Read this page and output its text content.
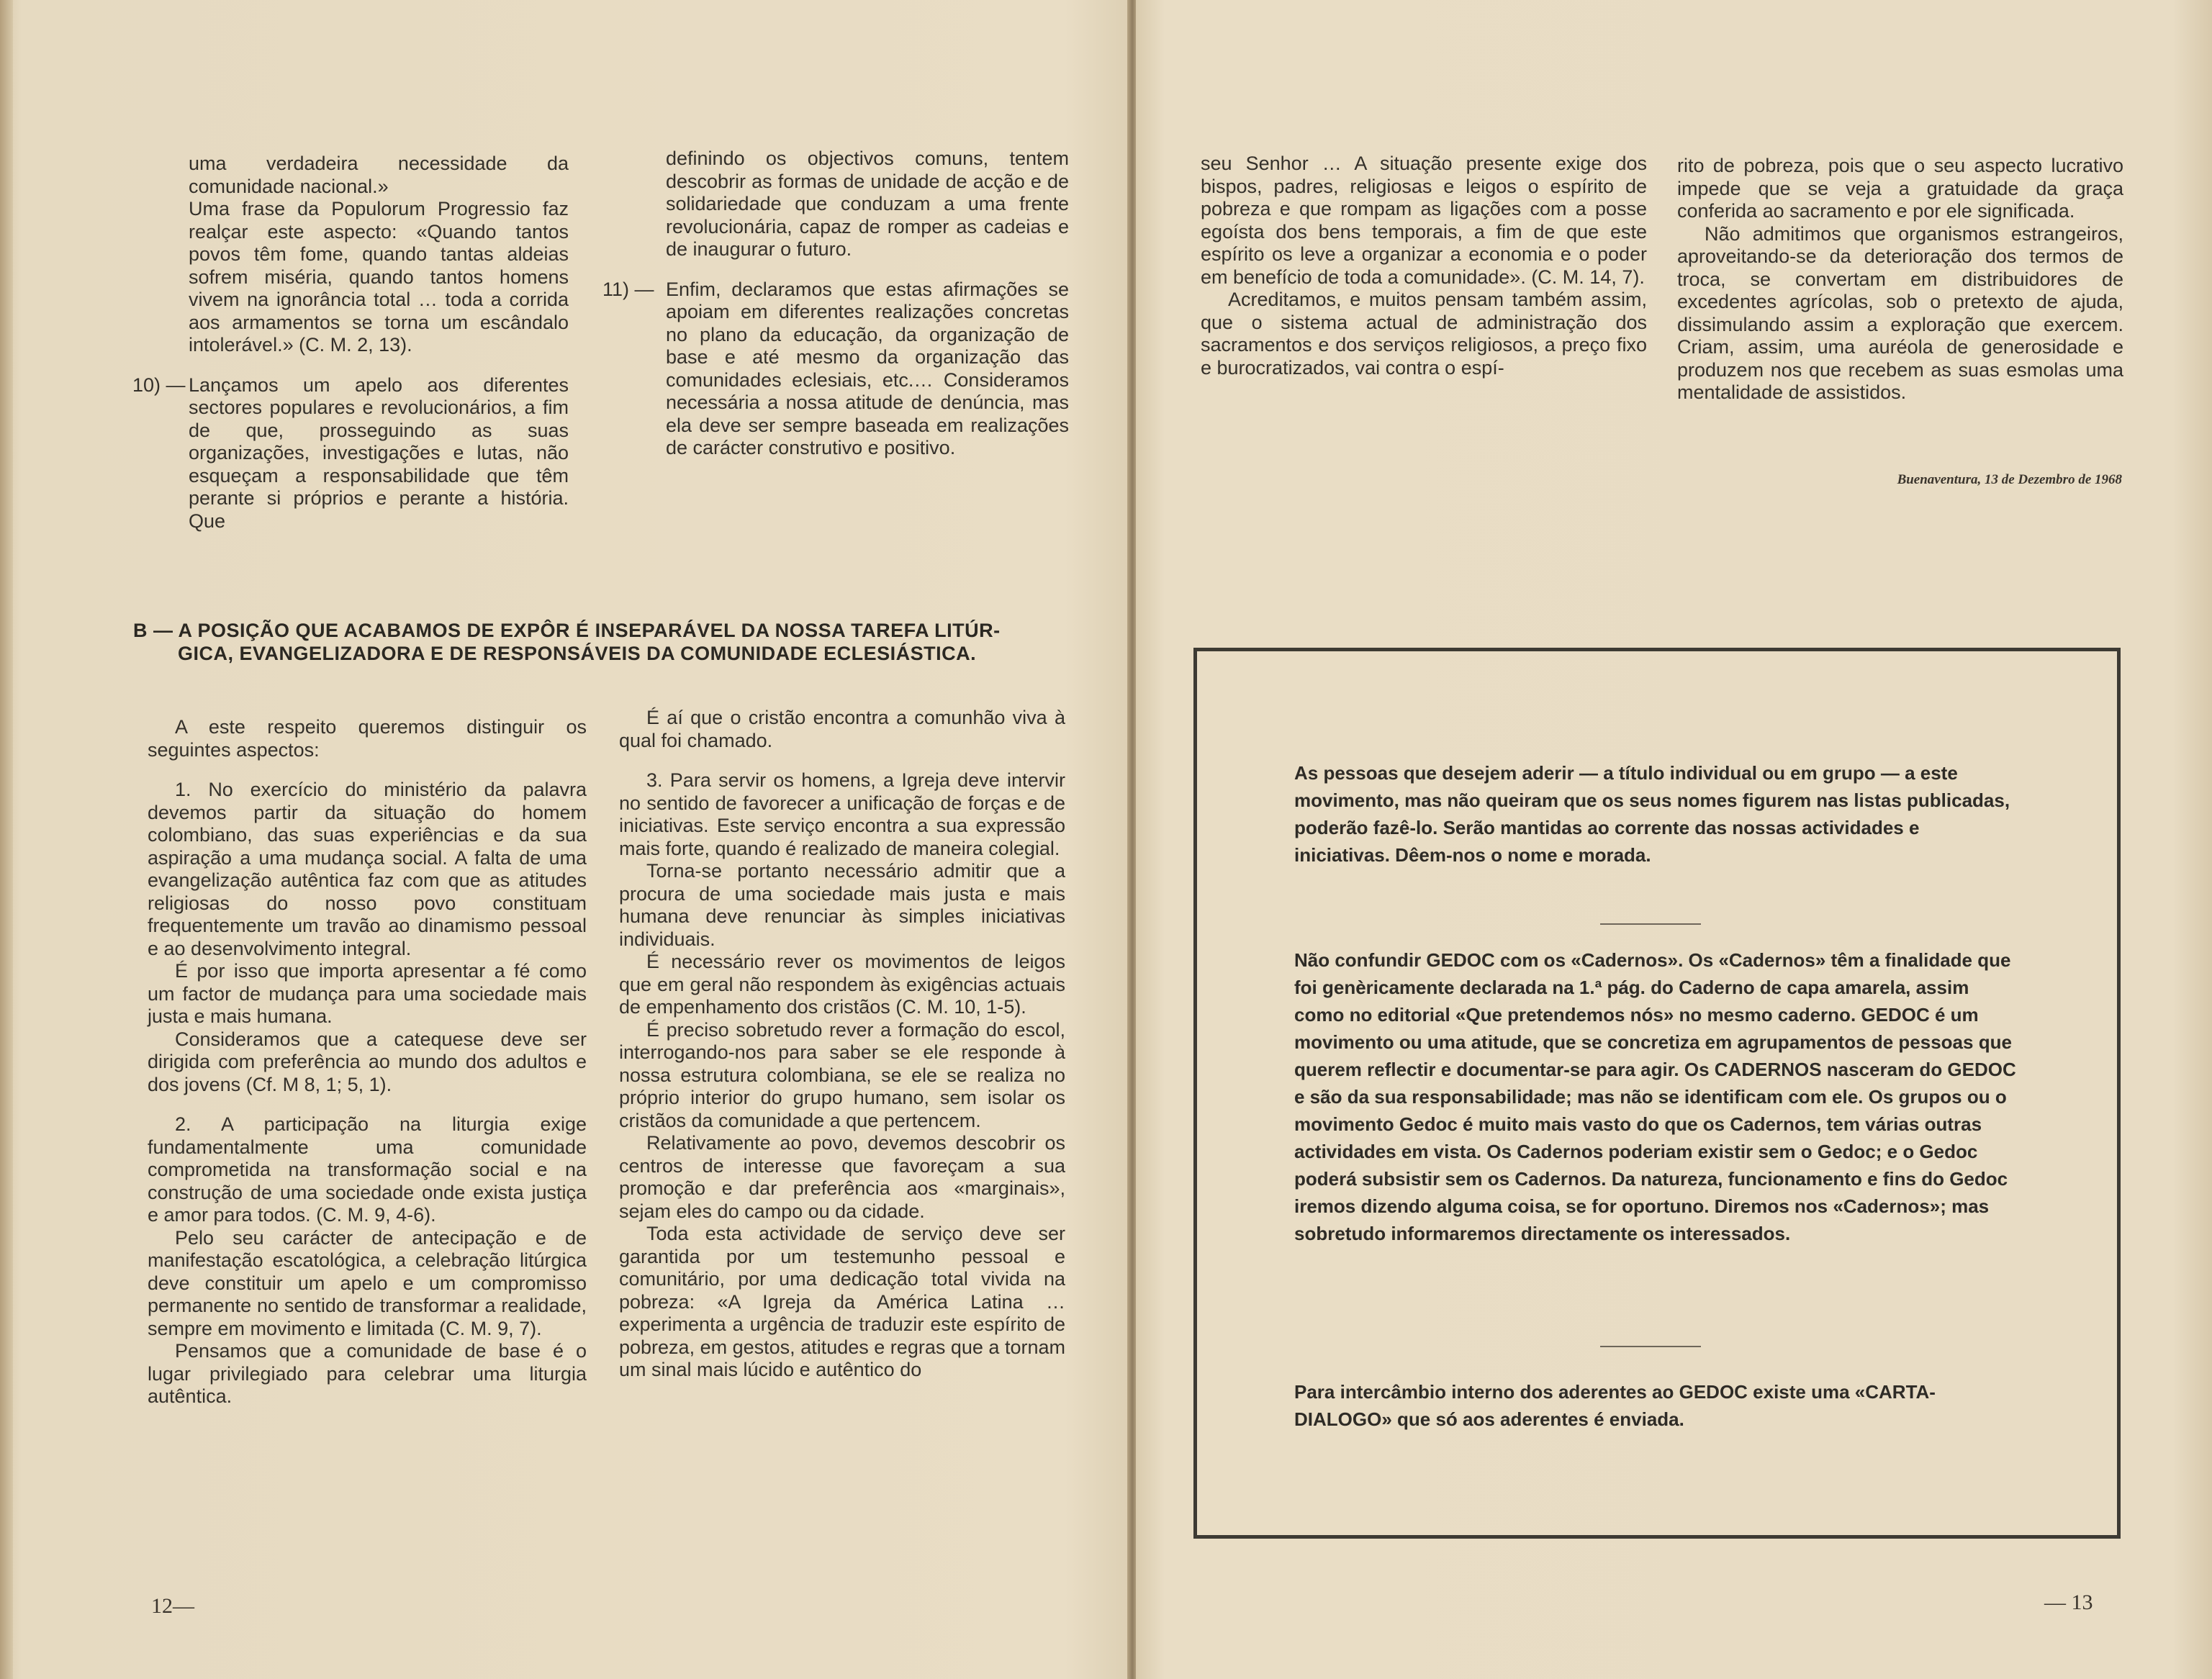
uma verdadeira necessidade da comunidade nacional.»

Uma frase da Populorum Progressio faz realçar este aspecto: «Quando tantos povos têm fome, quando tantas aldeias sofrem miséria, quando tantos homens vivem na ignorância total … toda a corrida aos armamentos se torna um escândalo intolerável.» (C. M. 2, 13).

10) — Lançamos um apelo aos diferentes sectores populares e revolucionários, a fim de que, prosseguindo as suas organizações, investigações e lutas, não esqueçam a responsabilidade que têm perante si próprios e perante a história. Que

definindo os objectivos comuns, tentem descobrir as formas de unidade de acção e de solidariedade que conduzam a uma frente revolucionária, capaz de romper as cadeias e de inaugurar o futuro.

11) — Enfim, declaramos que estas afirmações se apoiam em diferentes realizações concretas no plano da educação, da organização de base e até mesmo da organização das comunidades eclesiais, etc.… Consideramos necessária a nossa atitude de denúncia, mas ela deve ser sempre baseada em realizações de carácter construtivo e positivo.
B — A POSIÇÃO QUE ACABAMOS DE EXPÔR É INSEPARÁVEL DA NOSSA TAREFA LITÚR-
GICA, EVANGELIZADORA E DE RESPONSÁVEIS DA COMUNIDADE ECLESIÁSTICA.

A este respeito queremos distinguir os seguintes aspectos:

1. No exercício do ministério da palavra devemos partir da situação do homem colombiano, das suas experiências e da sua aspiração a uma mudança social. A falta de uma evangelização autêntica faz com que as atitudes religiosas do nosso povo constituam frequentemente um travão ao dinamismo pessoal e ao desenvolvimento integral.

É por isso que importa apresentar a fé como um factor de mudança para uma sociedade mais justa e mais humana.

Consideramos que a catequese deve ser dirigida com preferência ao mundo dos adultos e dos jovens (Cf. M 8, 1; 5, 1).

2. A participação na liturgia exige fundamentalmente uma comunidade comprometida na transformação social e na construção de uma sociedade onde exista justiça e amor para todos. (C. M. 9, 4-6).

Pelo seu carácter de antecipação e de manifestação escatológica, a celebração litúrgica deve constituir um apelo e um compromisso permanente no sentido de transformar a realidade, sempre em movimento e limitada (C. M. 9, 7).

Pensamos que a comunidade de base é o lugar privilegiado para celebrar uma liturgia autêntica.

É aí que o cristão encontra a comunhão viva à qual foi chamado.

3. Para servir os homens, a Igreja deve intervir no sentido de favorecer a unificação de forças e de iniciativas. Este serviço encontra a sua expressão mais forte, quando é realizado de maneira colegial.

Torna-se portanto necessário admitir que a procura de uma sociedade mais justa e mais humana deve renunciar às simples iniciativas individuais.

É necessário rever os movimentos de leigos que em geral não respondem às exigências actuais de empenhamento dos cristãos (C. M. 10, 1-5).

É preciso sobretudo rever a formação do escol, interrogando-nos para saber se ele responde à nossa estrutura colombiana, se ele se realiza no próprio interior do grupo humano, sem isolar os cristãos da comunidade a que pertencem.

Relativamente ao povo, devemos descobrir os centros de interesse que favoreçam a sua promoção e dar preferência aos «marginais», sejam eles do campo ou da cidade.

Toda esta actividade de serviço deve ser garantida por um testemunho pessoal e comunitário, por uma dedicação total vivida na pobreza: «A Igreja da América Latina … experimenta a urgência de traduzir este espírito de pobreza, em gestos, atitudes e regras que a tornam um sinal mais lúcido e autêntico do

12—

seu Senhor … A situação presente exige dos bispos, padres, religiosas e leigos o espírito de pobreza e que rompam as ligações com a posse egoísta dos bens temporais, a fim de que este espírito os leve a organizar a economia e o poder em benefício de toda a comunidade». (C. M. 14, 7).

Acreditamos, e muitos pensam também assim, que o sistema actual de administração dos sacramentos e dos serviços religiosos, a preço fixo e burocratizados, vai contra o espí-

rito de pobreza, pois que o seu aspecto lucrativo impede que se veja a gratuidade da graça conferida ao sacramento e por ele significada.

Não admitimos que organismos estrangeiros, aproveitando-se da deterioração dos termos de troca, se convertam em distribuidores de excedentes agrícolas, sob o pretexto de ajuda, dissimulando assim a exploração que exercem. Criam, assim, uma auréola de generosidade e produzem nos que recebem as suas esmolas uma mentalidade de assistidos.

— 13
Buenaventura, 13 de Dezembro de 1968
As pessoas que desejem aderir — a título individual ou em grupo — a este movimento, mas não queiram que os seus nomes figurem nas listas publicadas, poderão fazê-lo. Serão mantidas ao corrente das nossas actividades e iniciativas. Dêem-nos o nome e morada.
Não confundir GEDOC com os «Cadernos». Os «Cadernos» têm a finalidade que foi genèricamente declarada na 1.ª pág. do Caderno de capa amarela, assim como no editorial «Que pretendemos nós» no mesmo caderno. GEDOC é um movimento ou uma atitude, que se concretiza em agrupamentos de pessoas que querem reflectir e documentar-se para agir. Os CADERNOS nasceram do GEDOC e são da sua responsabilidade; mas não se identificam com ele. Os grupos ou o movimento Gedoc é muito mais vasto do que os Cadernos, tem várias outras actividades em vista. Os Cadernos poderiam existir sem o Gedoc; e o Gedoc poderá subsistir sem os Cadernos. Da natureza, funcionamento e fins do Gedoc iremos dizendo alguma coisa, se for oportuno. Diremos nos «Cadernos»; mas sobretudo informaremos directamente os interessados.
Para intercâmbio interno dos aderentes ao GEDOC existe uma «CARTA-DIALOGO» que só aos aderentes é enviada.
